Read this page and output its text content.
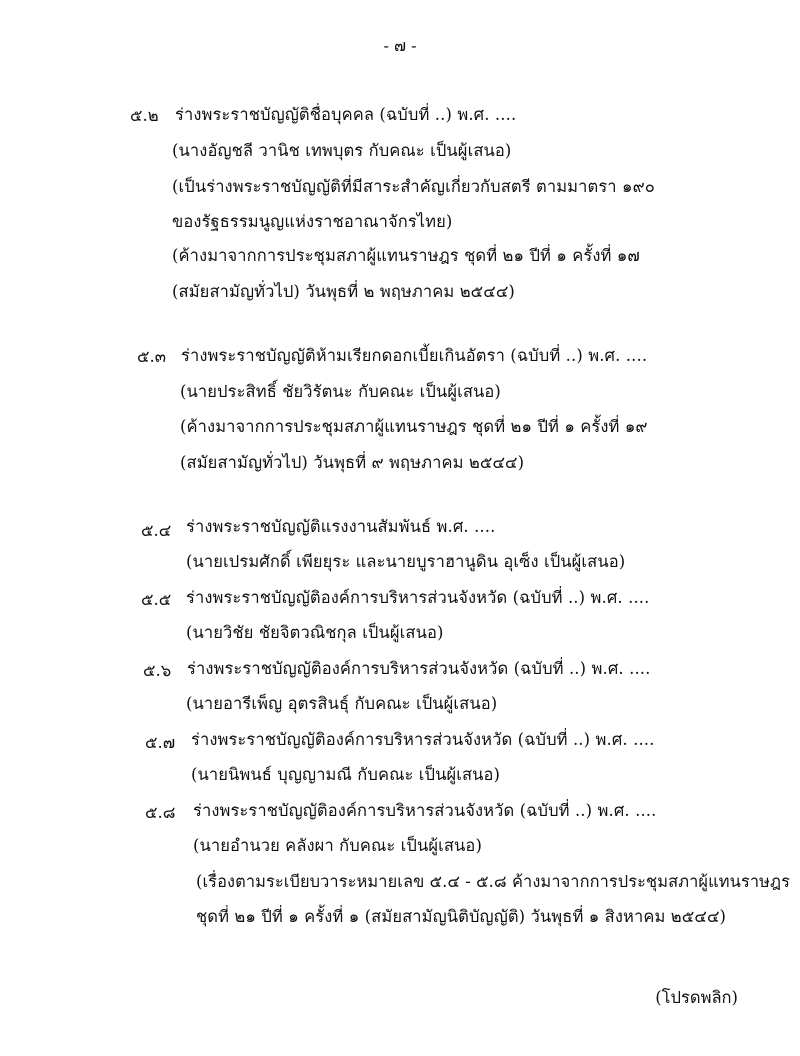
- ๗ -
๕.๒ ร่างพระราชบัญญัติชื่อบุคคล (ฉบับที่ ..) พ.ศ. ....
(นางอัญชลี วานิช เทพบุตร กับคณะ เป็นผู้เสนอ)
(เป็นร่างพระราชบัญญัติที่มีสาระสำคัญเกี่ยวกับสตรี ตามมาตรา ๑๙๐
ของรัฐธรรมนูญแห่งราชอาณาจักรไทย)
(ค้างมาจากการประชุมสภาผู้แทนราษฎร ชุดที่ ๒๑ ปีที่ ๑ ครั้งที่ ๑๗
(สมัยสามัญทั่วไป) วันพุธที่ ๒ พฤษภาคม ๒๕๔๔)
๕.๓ ร่างพระราชบัญญัติห้ามเรียกดอกเบี้ยเกินอัตรา (ฉบับที่ ..) พ.ศ. ....
(นายประสิทธิ์ ชัยวิรัตนะ กับคณะ เป็นผู้เสนอ)
(ค้างมาจากการประชุมสภาผู้แทนราษฎร ชุดที่ ๒๑ ปีที่ ๑ ครั้งที่ ๑๙
(สมัยสามัญทั่วไป) วันพุธที่ ๙ พฤษภาคม ๒๕๔๔)
๕.๔ ร่างพระราชบัญญัติแรงงานสัมพันธ์ พ.ศ. ....
(นายเปรมศักดิ์ เพียยุระ และนายบูราฮานูดิน อุเซ็ง เป็นผู้เสนอ)
๕.๕ ร่างพระราชบัญญัติองค์การบริหารส่วนจังหวัด (ฉบับที่ ..) พ.ศ. ....
(นายวิชัย ชัยจิตวณิชกุล เป็นผู้เสนอ)
๕.๖ ร่างพระราชบัญญัติองค์การบริหารส่วนจังหวัด (ฉบับที่ ..) พ.ศ. ....
(นายอารีเพ็ญ อุตรสินธุ์ กับคณะ เป็นผู้เสนอ)
๕.๗ ร่างพระราชบัญญัติองค์การบริหารส่วนจังหวัด (ฉบับที่ ..) พ.ศ. ....
(นายนิพนธ์ บุญญามณี กับคณะ เป็นผู้เสนอ)
๕.๘ ร่างพระราชบัญญัติองค์การบริหารส่วนจังหวัด (ฉบับที่ ..) พ.ศ. ....
(นายอำนวย คลังผา กับคณะ เป็นผู้เสนอ)
(เรื่องตามระเบียบวาระหมายเลข ๕.๔ - ๕.๘ ค้างมาจากการประชุมสภาผู้แทนราษฎร
ชุดที่ ๒๑ ปีที่ ๑ ครั้งที่ ๑ (สมัยสามัญนิติบัญญัติ) วันพุธที่ ๑ สิงหาคม ๒๕๔๔)
(โปรดพลิก)
